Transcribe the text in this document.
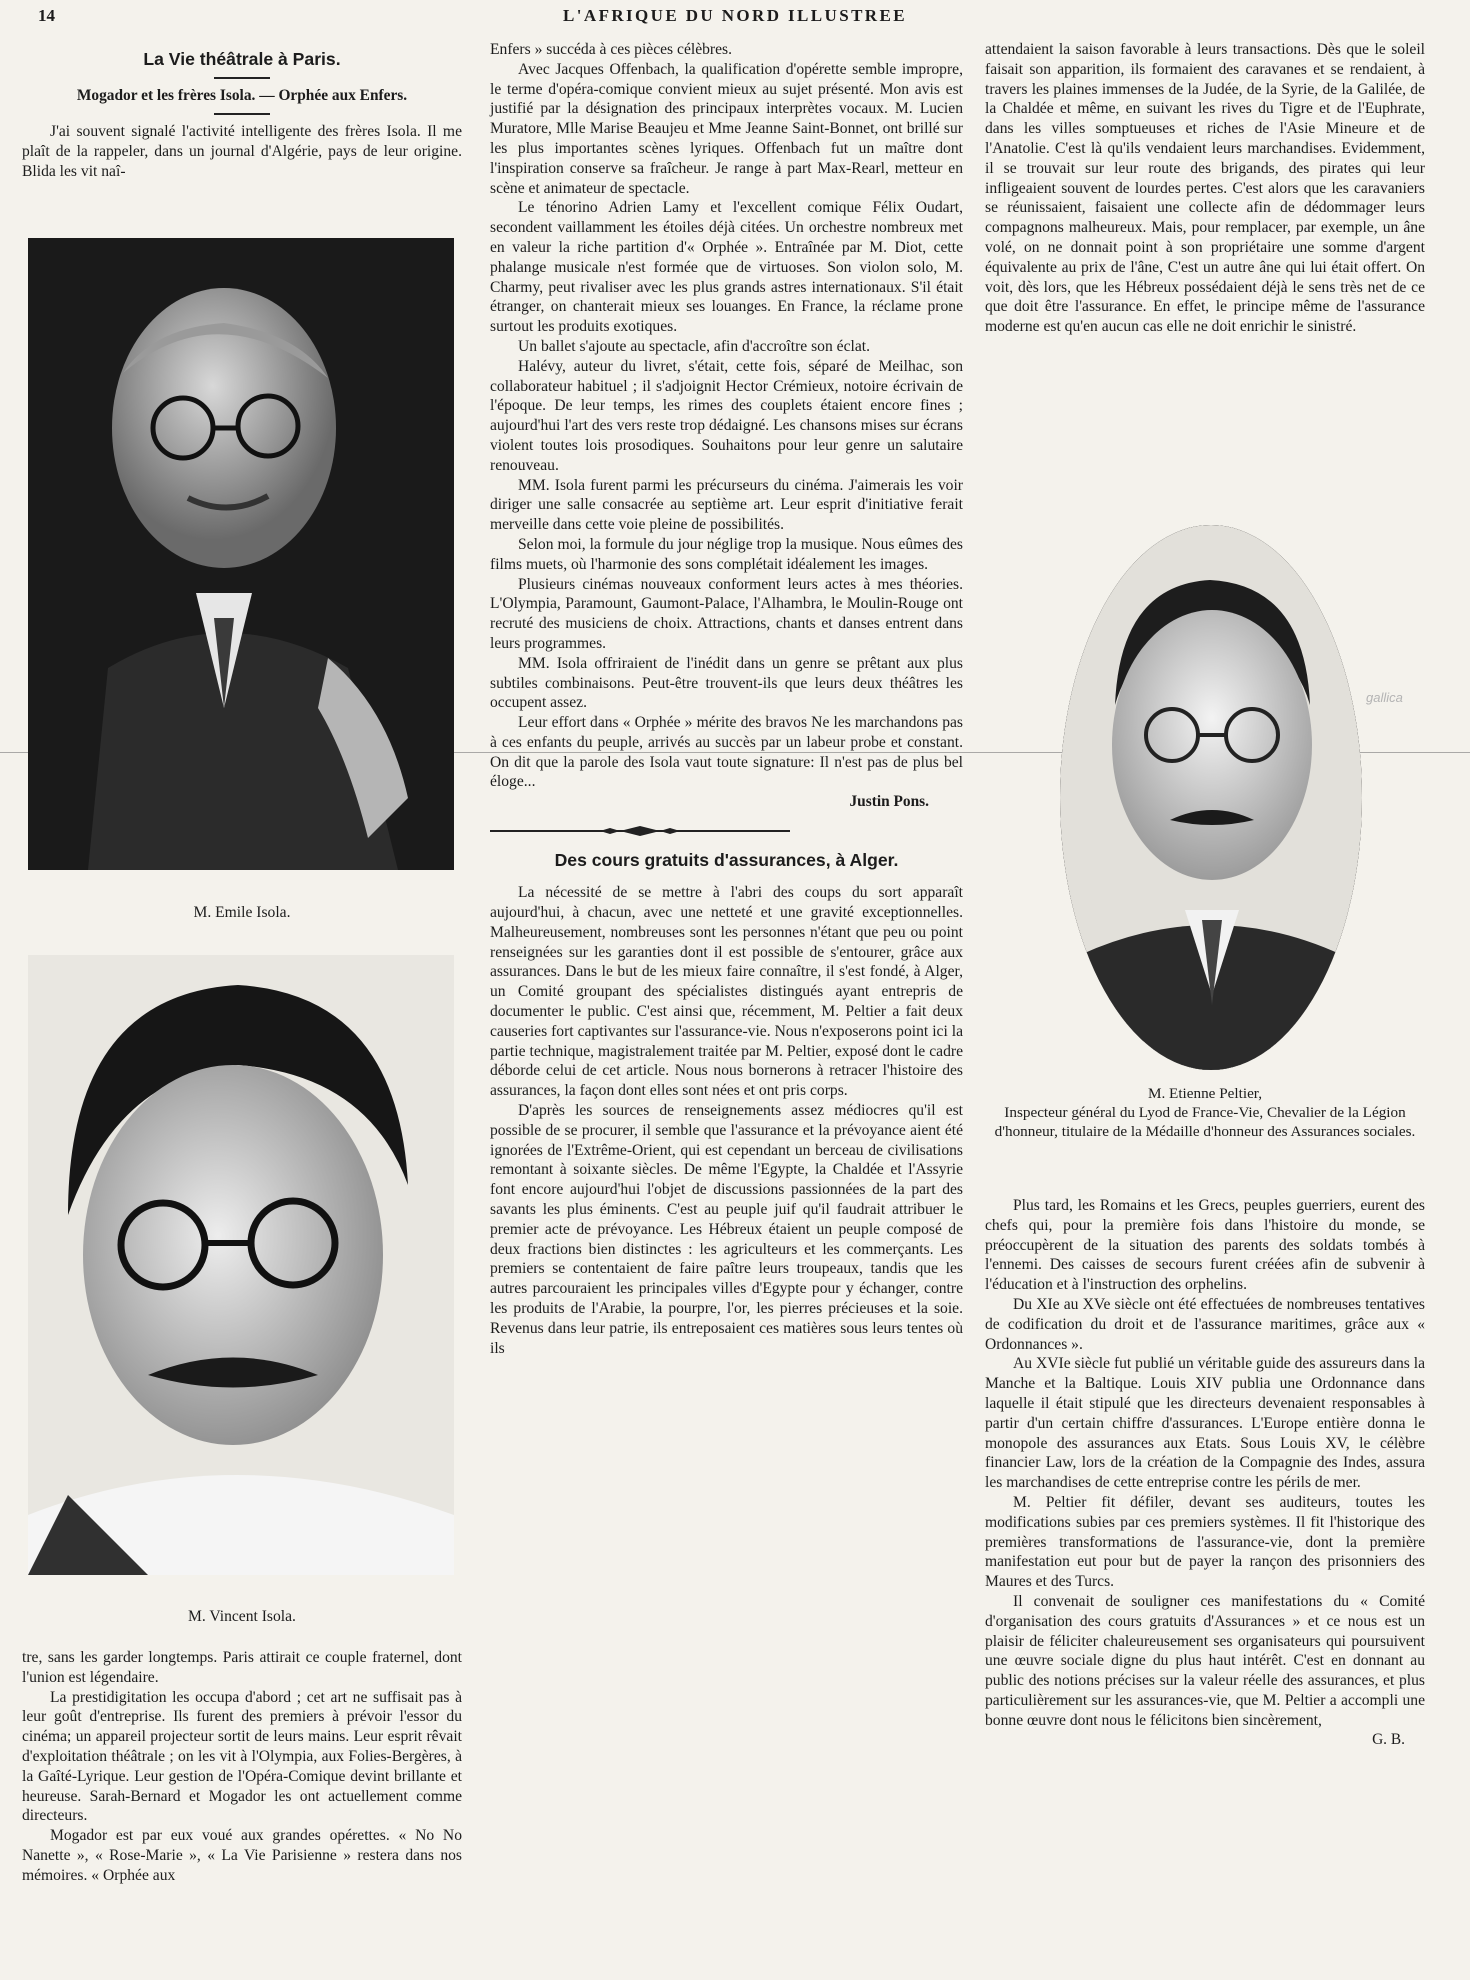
14	L'AFRIQUE DU NORD ILLUSTREE
La Vie théâtrale à Paris.
Mogador et les frères Isola. — Orphée aux Enfers.

J'ai souvent signalé l'activité intelligente des frères Isola. Il me plaît de la rappeler, dans un journal d'Algérie, pays de leur origine. Blida les vit naî-

M. Emile Isola.
M. Vincent Isola.

tre, sans les garder longtemps. Paris attirait ce couple fraternel, dont l'union est légendaire.

La prestidigitation les occupa d'abord ; cet art ne suffisait pas à leur goût d'entreprise. Ils furent des premiers à prévoir l'essor du cinéma; un appareil projecteur sortit de leurs mains. Leur esprit rêvait d'exploitation théâtrale ; on les vit à l'Olympia, aux Folies-Bergères, à la Gaîté-Lyrique. Leur gestion de l'Opéra-Comique devint brillante et heureuse. Sarah-Bernard et Mogador les ont actuellement comme directeurs.

Mogador est par eux voué aux grandes opérettes. « No No Nanette », « Rose-Marie », « La Vie Parisienne » restera dans nos mémoires. « Orphée aux

Enfers » succéda à ces pièces célèbres.

Avec Jacques Offenbach, la qualification d'opérette semble impropre, le terme d'opéra-comique convient mieux au sujet présenté. Mon avis est justifié par la désignation des principaux interprètes vocaux. M. Lucien Muratore, Mlle Marise Beaujeu et Mme Jeanne Saint-Bonnet, ont brillé sur les plus importantes scènes lyriques. Offenbach fut un maître dont l'inspiration conserve sa fraîcheur. Je range à part Max-Rearl, metteur en scène et animateur de spectacle.

Le ténorino Adrien Lamy et l'excellent comique Félix Oudart, secondent vaillamment les étoiles déjà citées. Un orchestre nombreux met en valeur la riche partition d'« Orphée ». Entraînée par M. Diot, cette phalange musicale n'est formée que de virtuoses. Son violon solo, M. Charmy, peut rivaliser avec les plus grands astres internationaux. S'il était étranger, on chanterait mieux ses louanges. En France, la réclame prone surtout les produits exotiques.

Un ballet s'ajoute au spectacle, afin d'accroître son éclat.

Halévy, auteur du livret, s'était, cette fois, séparé de Meilhac, son collaborateur habituel ; il s'adjoignit Hector Crémieux, notoire écrivain de l'époque. De leur temps, les rimes des couplets étaient encore fines ; aujourd'hui l'art des vers reste trop dédaigné. Les chansons mises sur écrans violent toutes lois prosodiques. Souhaitons pour leur genre un salutaire renouveau.

MM. Isola furent parmi les précurseurs du cinéma. J'aimerais les voir diriger une salle consacrée au septième art. Leur esprit d'initiative ferait merveille dans cette voie pleine de possibilités.

Selon moi, la formule du jour néglige trop la musique. Nous eûmes des films muets, où l'harmonie des sons complétait idéalement les images.

Plusieurs cinémas nouveaux conforment leurs actes à mes théories. L'Olympia, Paramount, Gaumont-Palace, l'Alhambra, le Moulin-Rouge ont recruté des musiciens de choix. Attractions, chants et danses entrent dans leurs programmes.

MM. Isola offriraient de l'inédit dans un genre se prêtant aux plus subtiles combinaisons. Peut-être trouvent-ils que leurs deux théâtres les occupent assez.

Leur effort dans « Orphée » mérite des bravos Ne les marchandons pas à ces enfants du peuple, arrivés au succès par un labeur probe et constant. On dit que la parole des Isola vaut toute signature: Il n'est pas de plus bel éloge...

Justin Pons.
Des cours gratuits d'assurances, à Alger.

La nécessité de se mettre à l'abri des coups du sort apparaît aujourd'hui, à chacun, avec une netteté et une gravité exceptionnelles. Malheureusement, nombreuses sont les personnes n'étant que peu ou point renseignées sur les garanties dont il est possible de s'entourer, grâce aux assurances. Dans le but de les mieux faire connaître, il s'est fondé, à Alger, un Comité groupant des spécialistes distingués ayant entrepris de documenter le public. C'est ainsi que, récemment, M. Peltier a fait deux causeries fort captivantes sur l'assurance-vie. Nous n'exposerons point ici la partie technique, magistralement traitée par M. Peltier, exposé dont le cadre déborde celui de cet article. Nous nous bornerons à retracer l'histoire des assurances, la façon dont elles sont nées et ont pris corps.

D'après les sources de renseignements assez médiocres qu'il est possible de se procurer, il semble que l'assurance et la prévoyance aient été ignorées de l'Extrême-Orient, qui est cependant un berceau de civilisations remontant à soixante siècles. De même l'Egypte, la Chaldée et l'Assyrie font encore aujourd'hui l'objet de discussions passionnées de la part des savants les plus éminents. C'est au peuple juif qu'il faudrait attribuer le premier acte de prévoyance. Les Hébreux étaient un peuple composé de deux fractions bien distinctes : les agriculteurs et les commerçants. Les premiers se contentaient de faire paître leurs troupeaux, tandis que les autres parcouraient les principales villes d'Egypte pour y échanger, contre les produits de l'Arabie, la pourpre, l'or, les pierres précieuses et la soie. Revenus dans leur patrie, ils entreposaient ces matières sous leurs tentes où ils

attendaient la saison favorable à leurs transactions. Dès que le soleil faisait son apparition, ils formaient des caravanes et se rendaient, à travers les plaines immenses de la Judée, de la Syrie, de la Galilée, de la Chaldée et même, en suivant les rives du Tigre et de l'Euphrate, dans les villes somptueuses et riches de l'Asie Mineure et de l'Anatolie. C'est là qu'ils vendaient leurs marchandises. Evidemment, il se trouvait sur leur route des brigands, des pirates qui leur infligeaient souvent de lourdes pertes. C'est alors que les caravaniers se réunissaient, faisaient une collecte afin de dédommager leurs compagnons malheureux. Mais, pour remplacer, par exemple, un âne volé, on ne donnait point à son propriétaire une somme d'argent équivalente au prix de l'âne, C'est un autre âne qui lui était offert. On voit, dès lors, que les Hébreux possédaient déjà le sens très net de ce que doit être l'assurance. En effet, le principe même de l'assurance moderne est qu'en aucun cas elle ne doit enrichir le sinistré.

gallica
M. Etienne Peltier,
Inspecteur général du Lyod de France-Vie, Chevalier de la Légion d'honneur, titulaire de la Médaille d'honneur des Assurances sociales.

Plus tard, les Romains et les Grecs, peuples guerriers, eurent des chefs qui, pour la première fois dans l'histoire du monde, se préoccupèrent de la situation des parents des soldats tombés à l'ennemi. Des caisses de secours furent créées afin de subvenir à l'éducation et à l'instruction des orphelins.

Du XIe au XVe siècle ont été effectuées de nombreuses tentatives de codification du droit et de l'assurance maritimes, grâce aux « Ordonnances ».

Au XVIe siècle fut publié un véritable guide des assureurs dans la Manche et la Baltique. Louis XIV publia une Ordonnance dans laquelle il était stipulé que les directeurs devenaient responsables à partir d'un certain chiffre d'assurances. L'Europe entière donna le monopole des assurances aux Etats. Sous Louis XV, le célèbre financier Law, lors de la création de la Compagnie des Indes, assura les marchandises de cette entreprise contre les périls de mer.

M. Peltier fit défiler, devant ses auditeurs, toutes les modifications subies par ces premiers systèmes. Il fit l'historique des premières transformations de l'assurance-vie, dont la première manifestation eut pour but de payer la rançon des prisonniers des Maures et des Turcs.

Il convenait de souligner ces manifestations du « Comité d'organisation des cours gratuits d'Assurances » et ce nous est un plaisir de féliciter chaleureusement ses organisateurs qui poursuivent une œuvre sociale digne du plus haut intérêt. C'est en donnant au public des notions précises sur la valeur réelle des assurances, et plus particulièrement sur les assurances-vie, que M. Peltier a accompli une bonne œuvre dont nous le félicitons bien sincèrement,

G. B.
